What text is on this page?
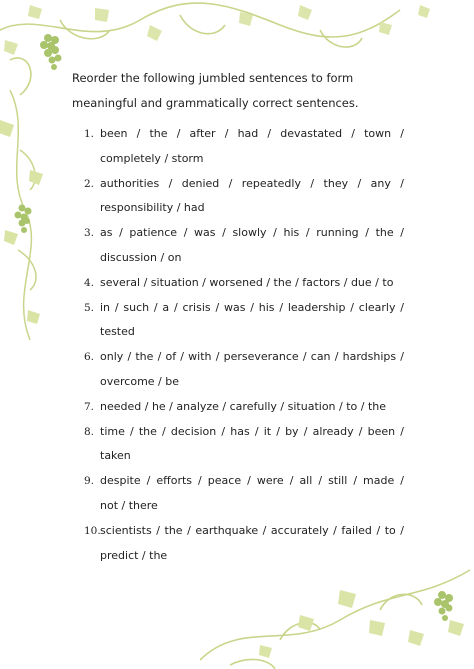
Reorder the following jumbled sentences to form
meaningful and grammatically correct sentences.

1. been / the / after / had / devastated / town /
completely / storm
2. authorities / denied / repeatedly / they / any /
responsibility / had
3. as / patience / was / slowly / his / running / the /
discussion / on
4. several / situation / worsened / the / factors / due / to
5. in / such / a / crisis / was / his / leadership / clearly /
tested
6. only / the / of / with / perseverance / can / hardships /
overcome / be
7. needed / he / analyze / carefully / situation / to / the
8. time / the / decision / has / it / by / already / been /
taken
9. despite / efforts / peace / were / all / still / made /
not / there
10. scientists / the / earthquake / accurately / failed / to /
predict / the
